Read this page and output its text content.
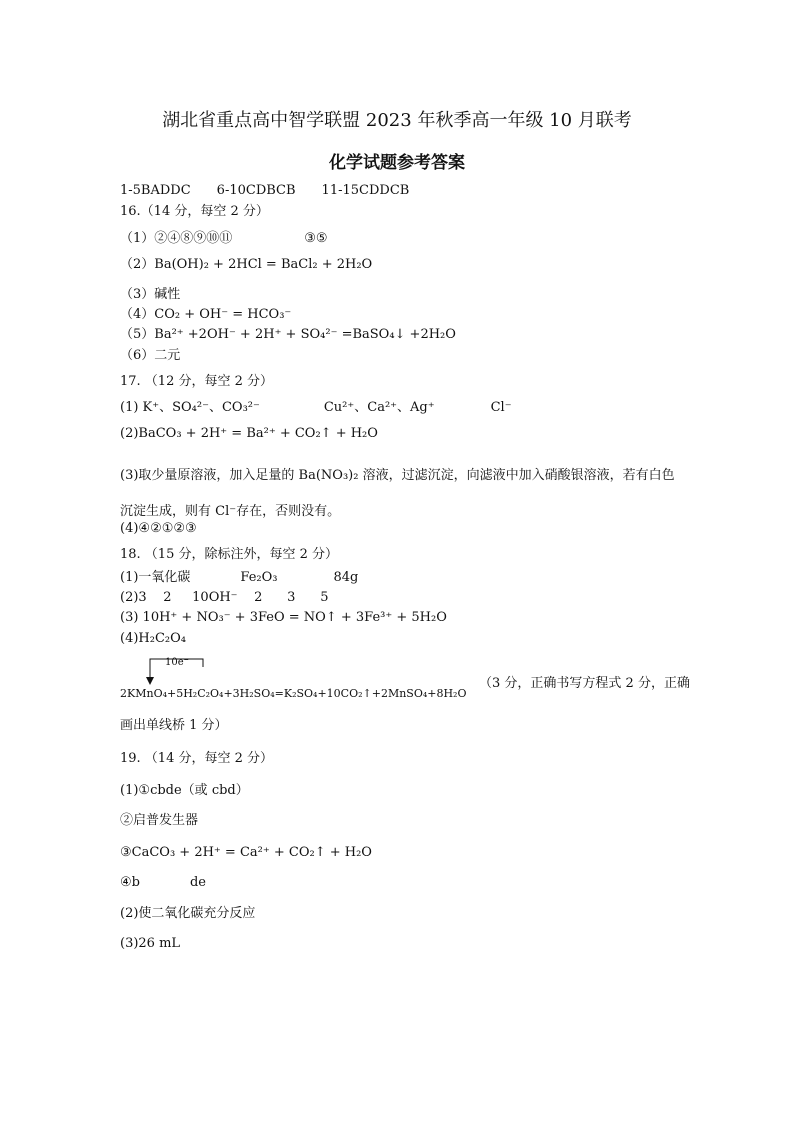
湖北省重点高中智学联盟 2023 年秋季高一年级 10 月联考
化学试题参考答案
1-5BADDC 6-10CDBCB 11-15CDDCB
16.（14 分，每空 2 分）
（1）②④⑧⑨⑩⑪	③⑤
（2）Ba(OH)₂ + 2HCl = BaCl₂ + 2H₂O
（3）碱性
（4）CO₂ + OH⁻ = HCO₃⁻
（5）Ba²⁺ +2OH⁻ + 2H⁺ + SO₄²⁻ =BaSO₄↓ +2H₂O
（6）二元
17. （12 分，每空 2 分）
(1) K⁺、SO₄²⁻、CO₃²⁻	Cu²⁺、Ca²⁺、Ag⁺	Cl⁻
(2)BaCO₃ + 2H⁺ = Ba²⁺ + CO₂↑ + H₂O
(3)取少量原溶液，加入足量的 Ba(NO₃)₂ 溶液，过滤沉淀，向滤液中加入硝酸银溶液，若有白色沉淀生成，则有 Cl⁻存在，否则没有。
(4)④②①②③
18. （15 分，除标注外，每空 2 分）
(1)一氧化碳	Fe₂O₃	84g
(2)3    2     10OH⁻    2      3      5
(3) 10H⁺ + NO₃⁻ + 3FeO = NO↑ + 3Fe³⁺ + 5H₂O
(4)H₂C₂O₄
10e⁻
2KMnO₄+5H₂C₂O₄+3H₂SO₄=K₂SO₄+10CO₂↑+2MnSO₄+8H₂O
（3 分，正确书写方程式 2 分，正确
画出单线桥 1 分）
19. （14 分，每空 2 分）
(1)①cbde（或 cbd）
②启普发生器
③CaCO₃ + 2H⁺ = Ca²⁺ + CO₂↑ + H₂O
④b	de
(2)使二氧化碳充分反应
(3)26 mL
